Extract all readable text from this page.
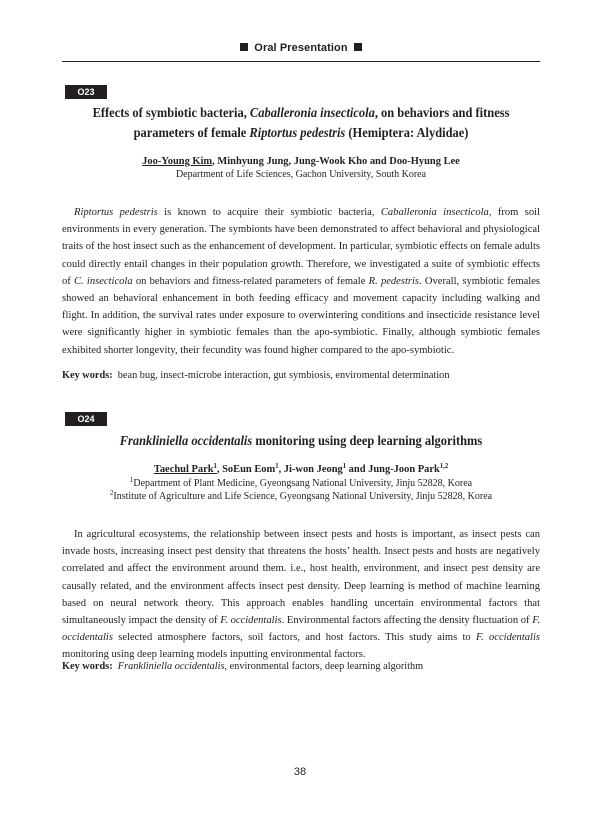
Oral Presentation
O23
Effects of symbiotic bacteria, Caballeronia insecticola, on behaviors and fitness parameters of female Riptortus pedestris (Hemiptera: Alydidae)
Joo-Young Kim, Minhyung Jung, Jung-Wook Kho and Doo-Hyung Lee
Department of Life Sciences, Gachon University, South Korea
Riptortus pedestris is known to acquire their symbiotic bacteria, Caballeronia insecticola, from soil environments in every generation. The symbionts have been demonstrated to affect behavioral and physiological traits of the host insect such as the enhancement of development. In particular, symbiotic effects on female adults could directly entail changes in their population growth. Therefore, we investigated a suite of symbiotic effects of C. insecticola on behaviors and fitness-related parameters of female R. pedestris. Overall, symbiotic females showed an behavioral enhancement in both feeding efficacy and movement capacity including walking and flight. In addition, the survival rates under exposure to overwintering conditions and insecticide resistance level were significantly higher in symbiotic females than the apo-symbiotic. Finally, although symbiotic females exhibited shorter longevity, their fecundity was found higher compared to the apo-symbiotic.
Key words: bean bug, insect-microbe interaction, gut symbiosis, enviromental determination
O24
Frankliniella occidentalis monitoring using deep learning algorithms
Taechul Park$^1$, SoEun Eom$^1$, Ji-won Jeong$^1$ and Jung-Joon Park$^{1,2}$
$^1$Department of Plant Medicine, Gyeongsang National University, Jinju 52828, Korea
$^2$Institute of Agriculture and Life Science, Gyeongsang National University, Jinju 52828, Korea
In agricultural ecosystems, the relationship between insect pests and hosts is important, as insect pests can invade hosts, increasing insect pest density that threatens the hosts’ health. Insect pests and hosts are negatively correlated and affect the environment around them. i.e., host health, environment, and insect pest density are causally related, and the environment affects insect pest density. Deep learning is method of machine learning based on neural network theory. This approach enables handling uncertain environmental factors that simultaneously impact the density of F. occidentalis. Environmental factors affecting the density fluctuation of F. occidentalis selected atmosphere factors, soil factors, and host factors. This study aims to F. occidentalis monitoring using deep learning models inputting environmental factors.
Key words: Frankliniella occidentalis, environmental factors, deep learning algorithm
38
